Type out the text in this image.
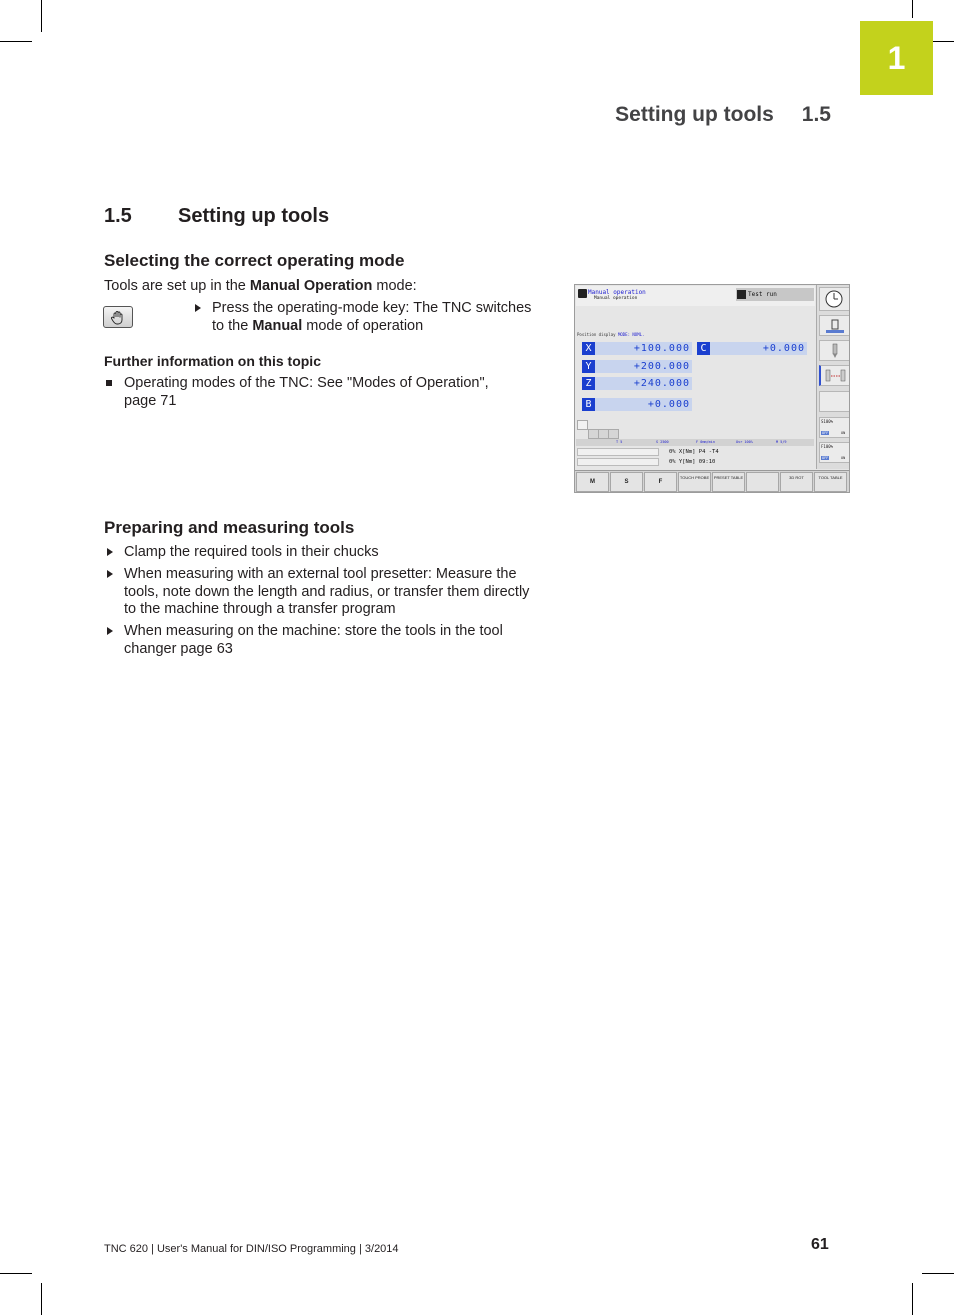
1
Setting up tools 1.5
1.5 Setting up tools
Selecting the correct operating mode
Tools are set up in the Manual Operation mode:
Press the operating-mode key: The TNC switches to the Manual mode of operation
Further information on this topic
Operating modes of the TNC: See "Modes of Operation", page 71
Preparing and measuring tools
Clamp the required tools in their chucks
When measuring with an external tool presetter: Measure the tools, note down the length and radius, or transfer them directly to the machine through a transfer program
When measuring on the machine: store the tools in the tool changer page 63
Manual operation
Manual operation
Test run
Position display MODE: NOML.
X	+100.000
Y	+200.000
Z	+240.000
B	+0.000
C	+0.000
T 5	S 2500	F 0mm/min	Ovr 100%	M 5/9
0% X[Nm] P4 -T4
0% Y[Nm] 09:10
S100%
OFF	ON
F100%
OFF	ON
M	S	F
TOUCH PROBE	PRESET TABLE	3D ROT	TOOL TABLE
TNC 620 | User's Manual for DIN/ISO Programming | 3/2014	61
